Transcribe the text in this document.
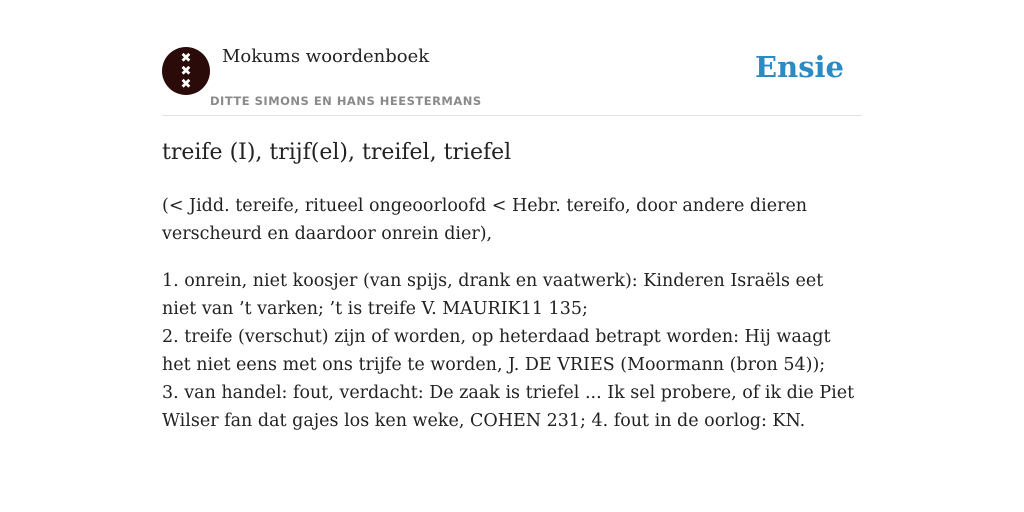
✖
✖
✖
Mokums woordenboek
DITTE SIMONS EN HANS HEESTERMANS
Ensie
treife (I), trijf(el), treifel, triefel
(< Jidd. tereife, ritueel ongeoorloofd < Hebr. tereifo, door andere dieren verscheurd en daardoor onrein dier),

1. onrein, niet koosjer (van spijs, drank en vaatwerk): Kinderen Israëls eet niet van ’t varken; ’t is treife V. MAURIK11 135;

2. treife (verschut) zijn of worden, op heterdaad betrapt worden: Hij waagt het niet eens met ons trijfe te worden, J. DE VRIES (Moormann (bron 54));

3. van handel: fout, verdacht: De zaak is triefel ... Ik sel probere, of ik die Piet Wilser fan dat gajes los ken weke, COHEN 231; 4. fout in de oorlog: KN.
